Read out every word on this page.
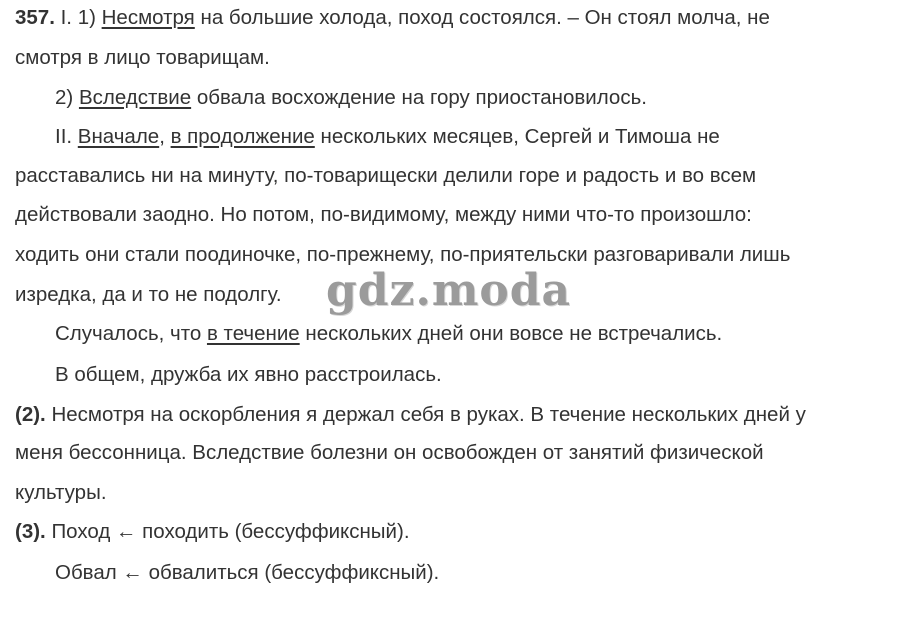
357. I. 1) Несмотря на большие холода, поход состоялся. – Он стоял молча, не
смотря в лицо товарищам.
2) Вследствие обвала восхождение на гору приостановилось.
II. Вначале, в продолжение нескольких месяцев, Сергей и Тимоша не
расставались ни на минуту, по-товарищески делили горе и радость и во всем
действовали заодно. Но потом, по-видимому, между ними что-то произошло:
ходить они стали поодиночке, по-прежнему, по-приятельски разговаривали лишь
изредка, да и то не подолгу.
Случалось, что в течение нескольких дней они вовсе не встречались.
В общем, дружба их явно расстроилась.
(2). Несмотря на оскорбления я держал себя в руках. В течение нескольких дней у
меня бессонница. Вследствие болезни он освобожден от занятий физической
культуры.
(3). Поход ← походить (бессуффиксный).
Обвал ← обвалиться (бессуффиксный).
gdz.moda
